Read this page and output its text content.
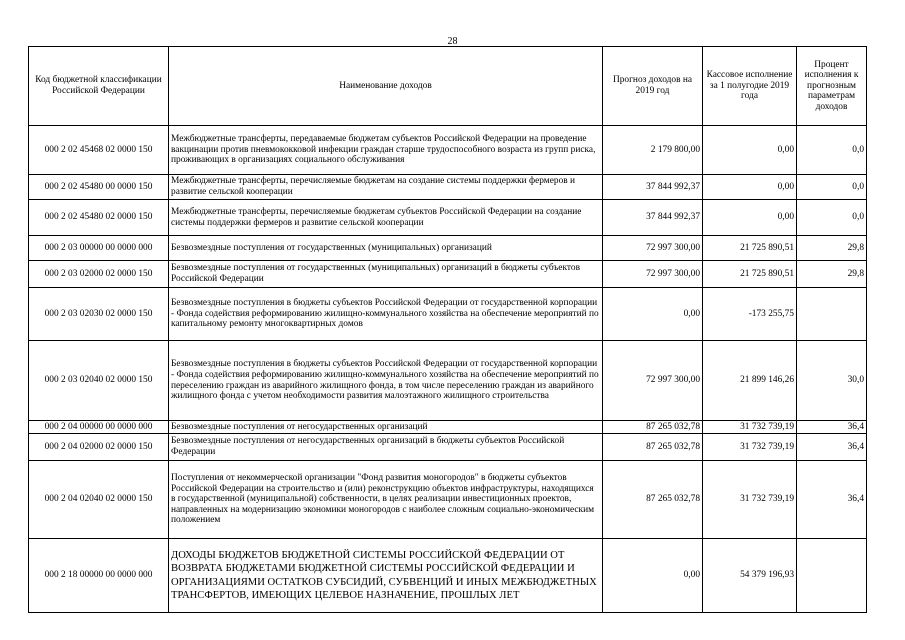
28
Код бюджетной классификации Российской Федерации	Наименование доходов	Прогноз доходов на 2019 год	Кассовое исполнение за 1 полугодие 2019 года	Процент исполнения к прогнозным параметрам доходов
000 2 02 45468 02 0000 150	Межбюджетные трансферты, передаваемые бюджетам субъектов Российской Федерации на проведение вакцинации против пневмококковой инфекции граждан старше трудоспособного возраста из групп риска, проживающих в организациях социального обслуживания	2 179 800,00	0,00	0,0
000 2 02 45480 00 0000 150	Межбюджетные трансферты, перечисляемые бюджетам на создание системы поддержки фермеров и развитие сельской кооперации	37 844 992,37	0,00	0,0
000 2 02 45480 02 0000 150	Межбюджетные трансферты, перечисляемые бюджетам субъектов Российской Федерации на создание системы поддержки фермеров и развитие сельской кооперации	37 844 992,37	0,00	0,0
000 2 03 00000 00 0000 000	Безвозмездные поступления от государственных (муниципальных) организаций	72 997 300,00	21 725 890,51	29,8
000 2 03 02000 02 0000 150	Безвозмездные поступления от государственных (муниципальных) организаций в бюджеты субъектов Российской Федерации	72 997 300,00	21 725 890,51	29,8
000 2 03 02030 02 0000 150	Безвозмездные поступления в бюджеты субъектов Российской Федерации от государственной корпорации - Фонда содействия реформированию жилищно-коммунального хозяйства на обеспечение мероприятий по капитальному ремонту многоквартирных домов	0,00	-173 255,75	
000 2 03 02040 02 0000 150	Безвозмездные поступления в бюджеты субъектов Российской Федерации от государственной корпорации - Фонда содействия реформированию жилищно-коммунального хозяйства на обеспечение мероприятий по переселению граждан из аварийного жилищного фонда, в том числе переселению граждан из аварийного жилищного фонда с учетом необходимости развития малоэтажного жилищного строительства	72 997 300,00	21 899 146,26	30,0
000 2 04 00000 00 0000 000	Безвозмездные поступления от негосударственных организаций	87 265 032,78	31 732 739,19	36,4
000 2 04 02000 02 0000 150	Безвозмездные поступления от негосударственных организаций в бюджеты субъектов Российской Федерации	87 265 032,78	31 732 739,19	36,4
000 2 04 02040 02 0000 150	Поступления от некоммерческой организации "Фонд развития моногородов" в бюджеты субъектов Российской Федерации на строительство и (или) реконструкцию объектов инфраструктуры, находящихся в государственной (муниципальной) собственности, в целях реализации инвестиционных проектов, направленных на модернизацию экономики моногородов с наиболее сложным социально-экономическим положением	87 265 032,78	31 732 739,19	36,4
000 2 18 00000 00 0000 000	ДОХОДЫ БЮДЖЕТОВ БЮДЖЕТНОЙ СИСТЕМЫ РОССИЙСКОЙ ФЕДЕРАЦИИ ОТ ВОЗВРАТА БЮДЖЕТАМИ БЮДЖЕТНОЙ СИСТЕМЫ РОССИЙСКОЙ ФЕДЕРАЦИИ И ОРГАНИЗАЦИЯМИ ОСТАТКОВ СУБСИДИЙ, СУБВЕНЦИЙ И ИНЫХ МЕЖБЮДЖЕТНЫХ ТРАНСФЕРТОВ, ИМЕЮЩИХ ЦЕЛЕВОЕ НАЗНАЧЕНИЕ, ПРОШЛЫХ ЛЕТ	0,00	54 379 196,93	
